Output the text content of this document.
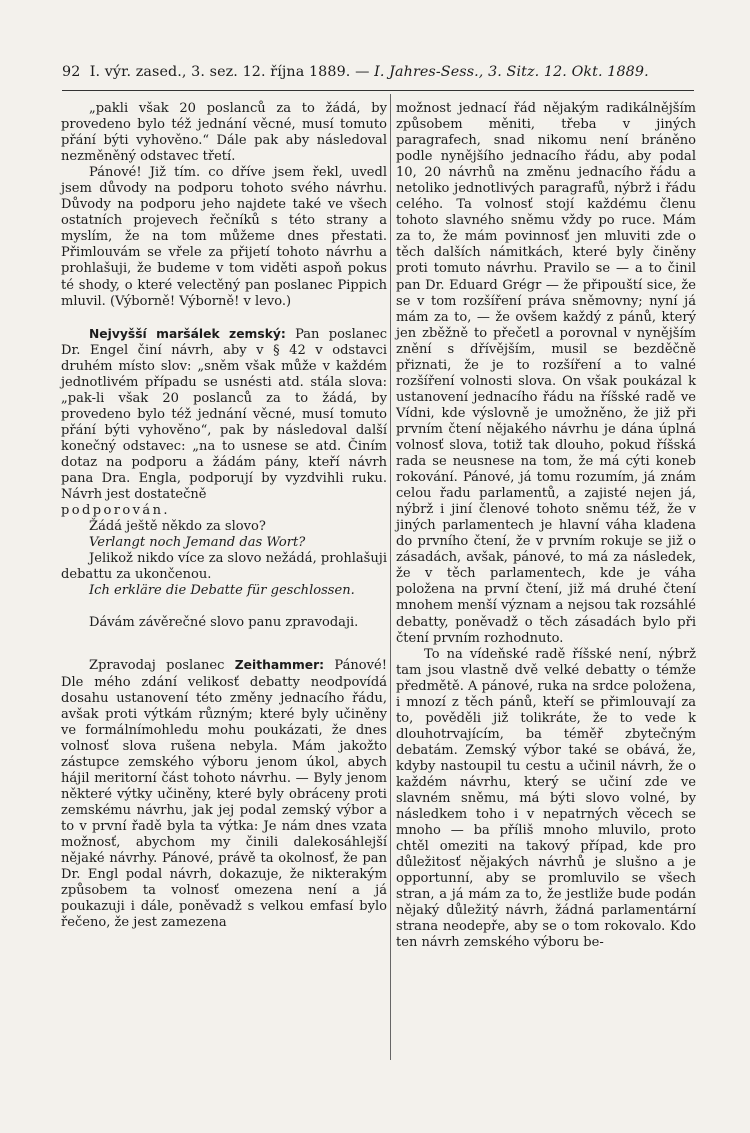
92 I. výr. zased., 3. sez. 12. října 1889. — I. Jahres-Sess., 3. Sitz. 12. Okt. 1889.

„pakli však 20 poslanců za to žádá, by provedeno bylo též jednání věcné, musí tomuto přání býti vyhověno.“ Dále pak aby následoval nezměněný odstavec třetí.

Pánové! Již tím. co dříve jsem řekl, uvedl jsem důvody na podporu tohoto svého návrhu. Důvody na podporu jeho najdete také ve všech ostatních projevech řečníků s této strany a myslím, že na tom můžeme dnes přestati. Přimlouvám se vřele za přijetí tohoto návrhu a prohlašuji, že budeme v tom viděti aspoň pokus té shody, o které velectěný pan poslanec Pippich mluvil. (Výborně! Výborně! v levo.)

Nejvyšší maršálek zemský: Pan poslanec Dr. Engel činí návrh, aby v § 42 v odstavci druhém místo slov: „sněm však může v každém jednotlivém případu se usnésti atd. stála slova: „pak-li však 20 poslanců za to žádá, by provedeno bylo též jednání věcné, musí tomuto přání býti vyhověno“, pak by následoval další konečný odstavec: „na to usnese se atd. Činím dotaz na podporu a žádám pány, kteří návrh pana Dra. Engla, podporují by vyzdvihli ruku. Návrh jest dostatečně

podporován.

Žádá ještě někdo za slovo?

Verlangt noch Jemand das Wort?

Jelikož nikdo více za slovo nežádá, prohlašuji debattu za ukončenou.

Ich erkläre die Debatte für geschlossen.

Dávám závěrečné slovo panu zpravodaji.

Zpravodaj poslanec Zeithammer: Pánové! Dle mého zdání velikosť debatty neodpovídá dosahu ustanovení této změny jednacího řádu, avšak proti výtkám různým; které byly učiněny ve formálnímohledu mohu poukázati, že dnes volnosť slova rušena nebyla. Mám jakožto zástupce zemského výboru jenom úkol, abych hájil meritorní část tohoto návrhu. — Byly jenom některé výtky učiněny, které byly obráceny proti zemskému návrhu, jak jej podal zemský výbor a to v první řadě byla ta výtka: Je nám dnes vzata možnosť, abychom my činili dalekosáhlejší nějaké návrhy. Pánové, právě ta okolnosť, že pan Dr. Engl podal návrh, dokazuje, že nikterakým způsobem ta volnosť omezena není a já poukazuji i dále, poněvadž s velkou emfasí bylo řečeno, že jest zamezena

možnost jednací řád nějakým radikálnějším způsobem měniti, třeba v jiných paragrafech, snad nikomu není bráněno podle nynějšího jednacího řádu, aby podal 10, 20 návrhů na změnu jednacího řádu a netoliko jednotlivých paragrafů, nýbrž i řádu celého. Ta volnosť stojí každému členu tohoto slavného sněmu vždy po ruce. Mám za to, že mám povinnosť jen mluviti zde o těch dalších námitkách, které byly činěny proti tomuto návrhu. Pravilo se — a to činil pan Dr. Eduard Grégr — že připouští sice, že se v tom rozšíření práva sněmovny; nyní já mám za to, — že ovšem každý z pánů, který jen zběžně to přečetl a porovnal v nynějším znění s dřívějším, musil se bezděčně přiznati, že je to rozšíření a to valné rozšíření volnosti slova. On však poukázal k ustanovení jednacího řádu na říšské radě ve Vídni, kde výslovně je umožněno, že již při prvním čtení nějakého návrhu je dána úplná volnosť slova, totiž tak dlouho, pokud říšská rada se neusnese na tom, že má cýti koneb rokování. Pánové, já tomu rozumím, já znám celou řadu parlamentů, a zajisté nejen já, nýbrž i jiní členové tohoto sněmu též, že v jiných parlamentech je hlavní váha kladena do prvního čtení, že v prvním rokuje se již o zásadách, avšak, pánové, to má za následek, že v těch parlamentech, kde je váha položena na první čtení, již má druhé čtení mnohem menší význam a nejsou tak rozsáhlé debatty, poněvadž o těch zásadách bylo při čtení prvním rozhodnuto.

To na vídeňské radě říšské není, nýbrž tam jsou vlastně dvě velké debatty o témže předmětě. A pánové, ruka na srdce položena, i mnozí z těch pánů, kteří se přimlouvají za to, pověděli již tolikráte, že to vede k dlouhotrvajícím, ba téměř zbytečným debatám. Zemský výbor také se obává, že, kdyby nastoupil tu cestu a učinil návrh, že o každém návrhu, který se učiní zde ve slavném sněmu, má býti slovo volné, by následkem toho i v nepatrných věcech se mnoho — ba příliš mnoho mluvilo, proto chtěl omeziti na takový případ, kde pro důležitosť nějakých návrhů je slušno a je opportunní, aby se promluvilo se všech stran, a já mám za to, že jestliže bude podán nějaký důležitý návrh, žádná parlamentární strana neodepře, aby se o tom rokovalo. Kdo ten návrh zemského výboru be-
